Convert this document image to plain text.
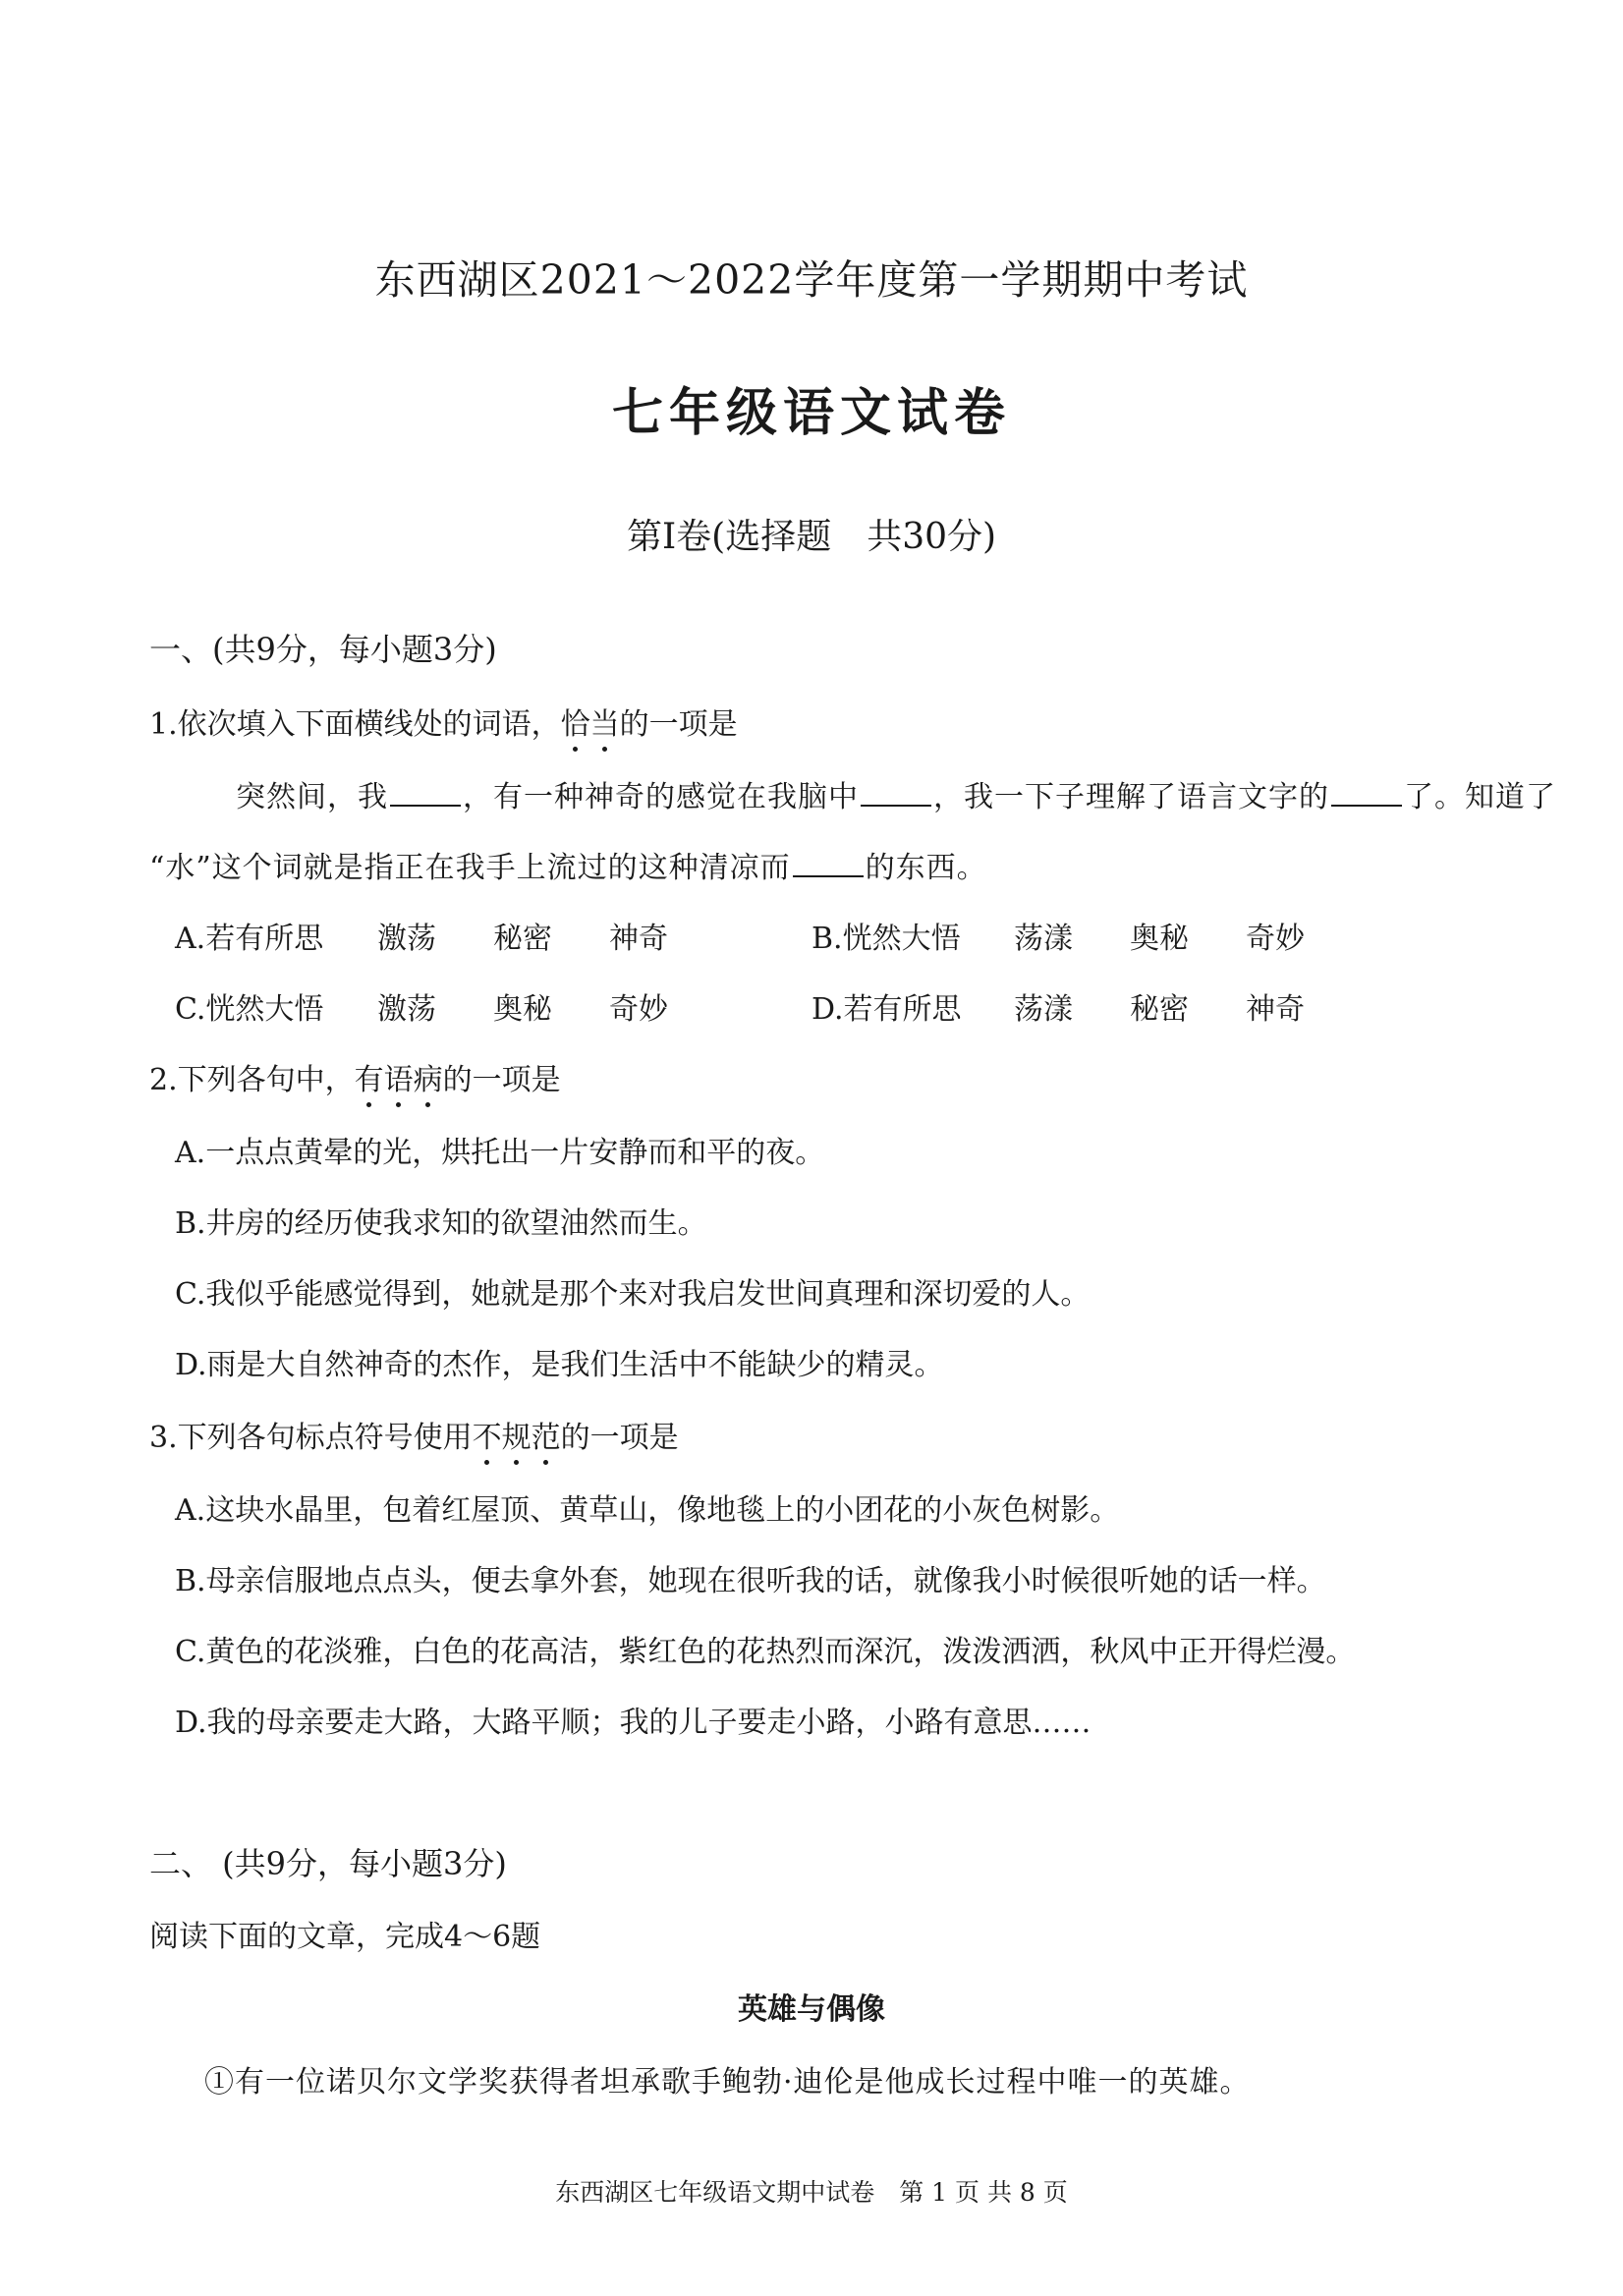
东西湖区2021～2022学年度第一学期期中考试
七年级语文试卷
第Ⅰ卷(选择题　共30分)
一、(共9分，每小题3分)
1.依次填入下面横线处的词语，恰当的一项是
突然间，我	，有一种神奇的感觉在我脑中	，我一下子理解了语言文字的	了。知道了
“水”这个词就是指正在我手上流过的这种清凉而	的东西。
A.若有所思 激荡 秘密 神奇	B.恍然大悟 荡漾 奥秘 奇妙
C.恍然大悟 激荡 奥秘 奇妙	D.若有所思 荡漾 秘密 神奇
2.下列各句中，有语病的一项是
A.一点点黄晕的光，烘托出一片安静而和平的夜。
B.井房的经历使我求知的欲望油然而生。
C.我似乎能感觉得到，她就是那个来对我启发世间真理和深切爱的人。
D.雨是大自然神奇的杰作，是我们生活中不能缺少的精灵。
3.下列各句标点符号使用不规范的一项是
A.这块水晶里，包着红屋顶、黄草山，像地毯上的小团花的小灰色树影。
B.母亲信服地点点头，便去拿外套，她现在很听我的话，就像我小时候很听她的话一样。
C.黄色的花淡雅，白色的花高洁，紫红色的花热烈而深沉，泼泼洒洒，秋风中正开得烂漫。
D.我的母亲要走大路，大路平顺；我的儿子要走小路，小路有意思……
二、 (共9分，每小题3分)
阅读下面的文章，完成4～6题
英雄与偶像
①有一位诺贝尔文学奖获得者坦承歌手鲍勃·迪伦是他成长过程中唯一的英雄。
东西湖区七年级语文期中试卷　第 1 页 共 8 页
